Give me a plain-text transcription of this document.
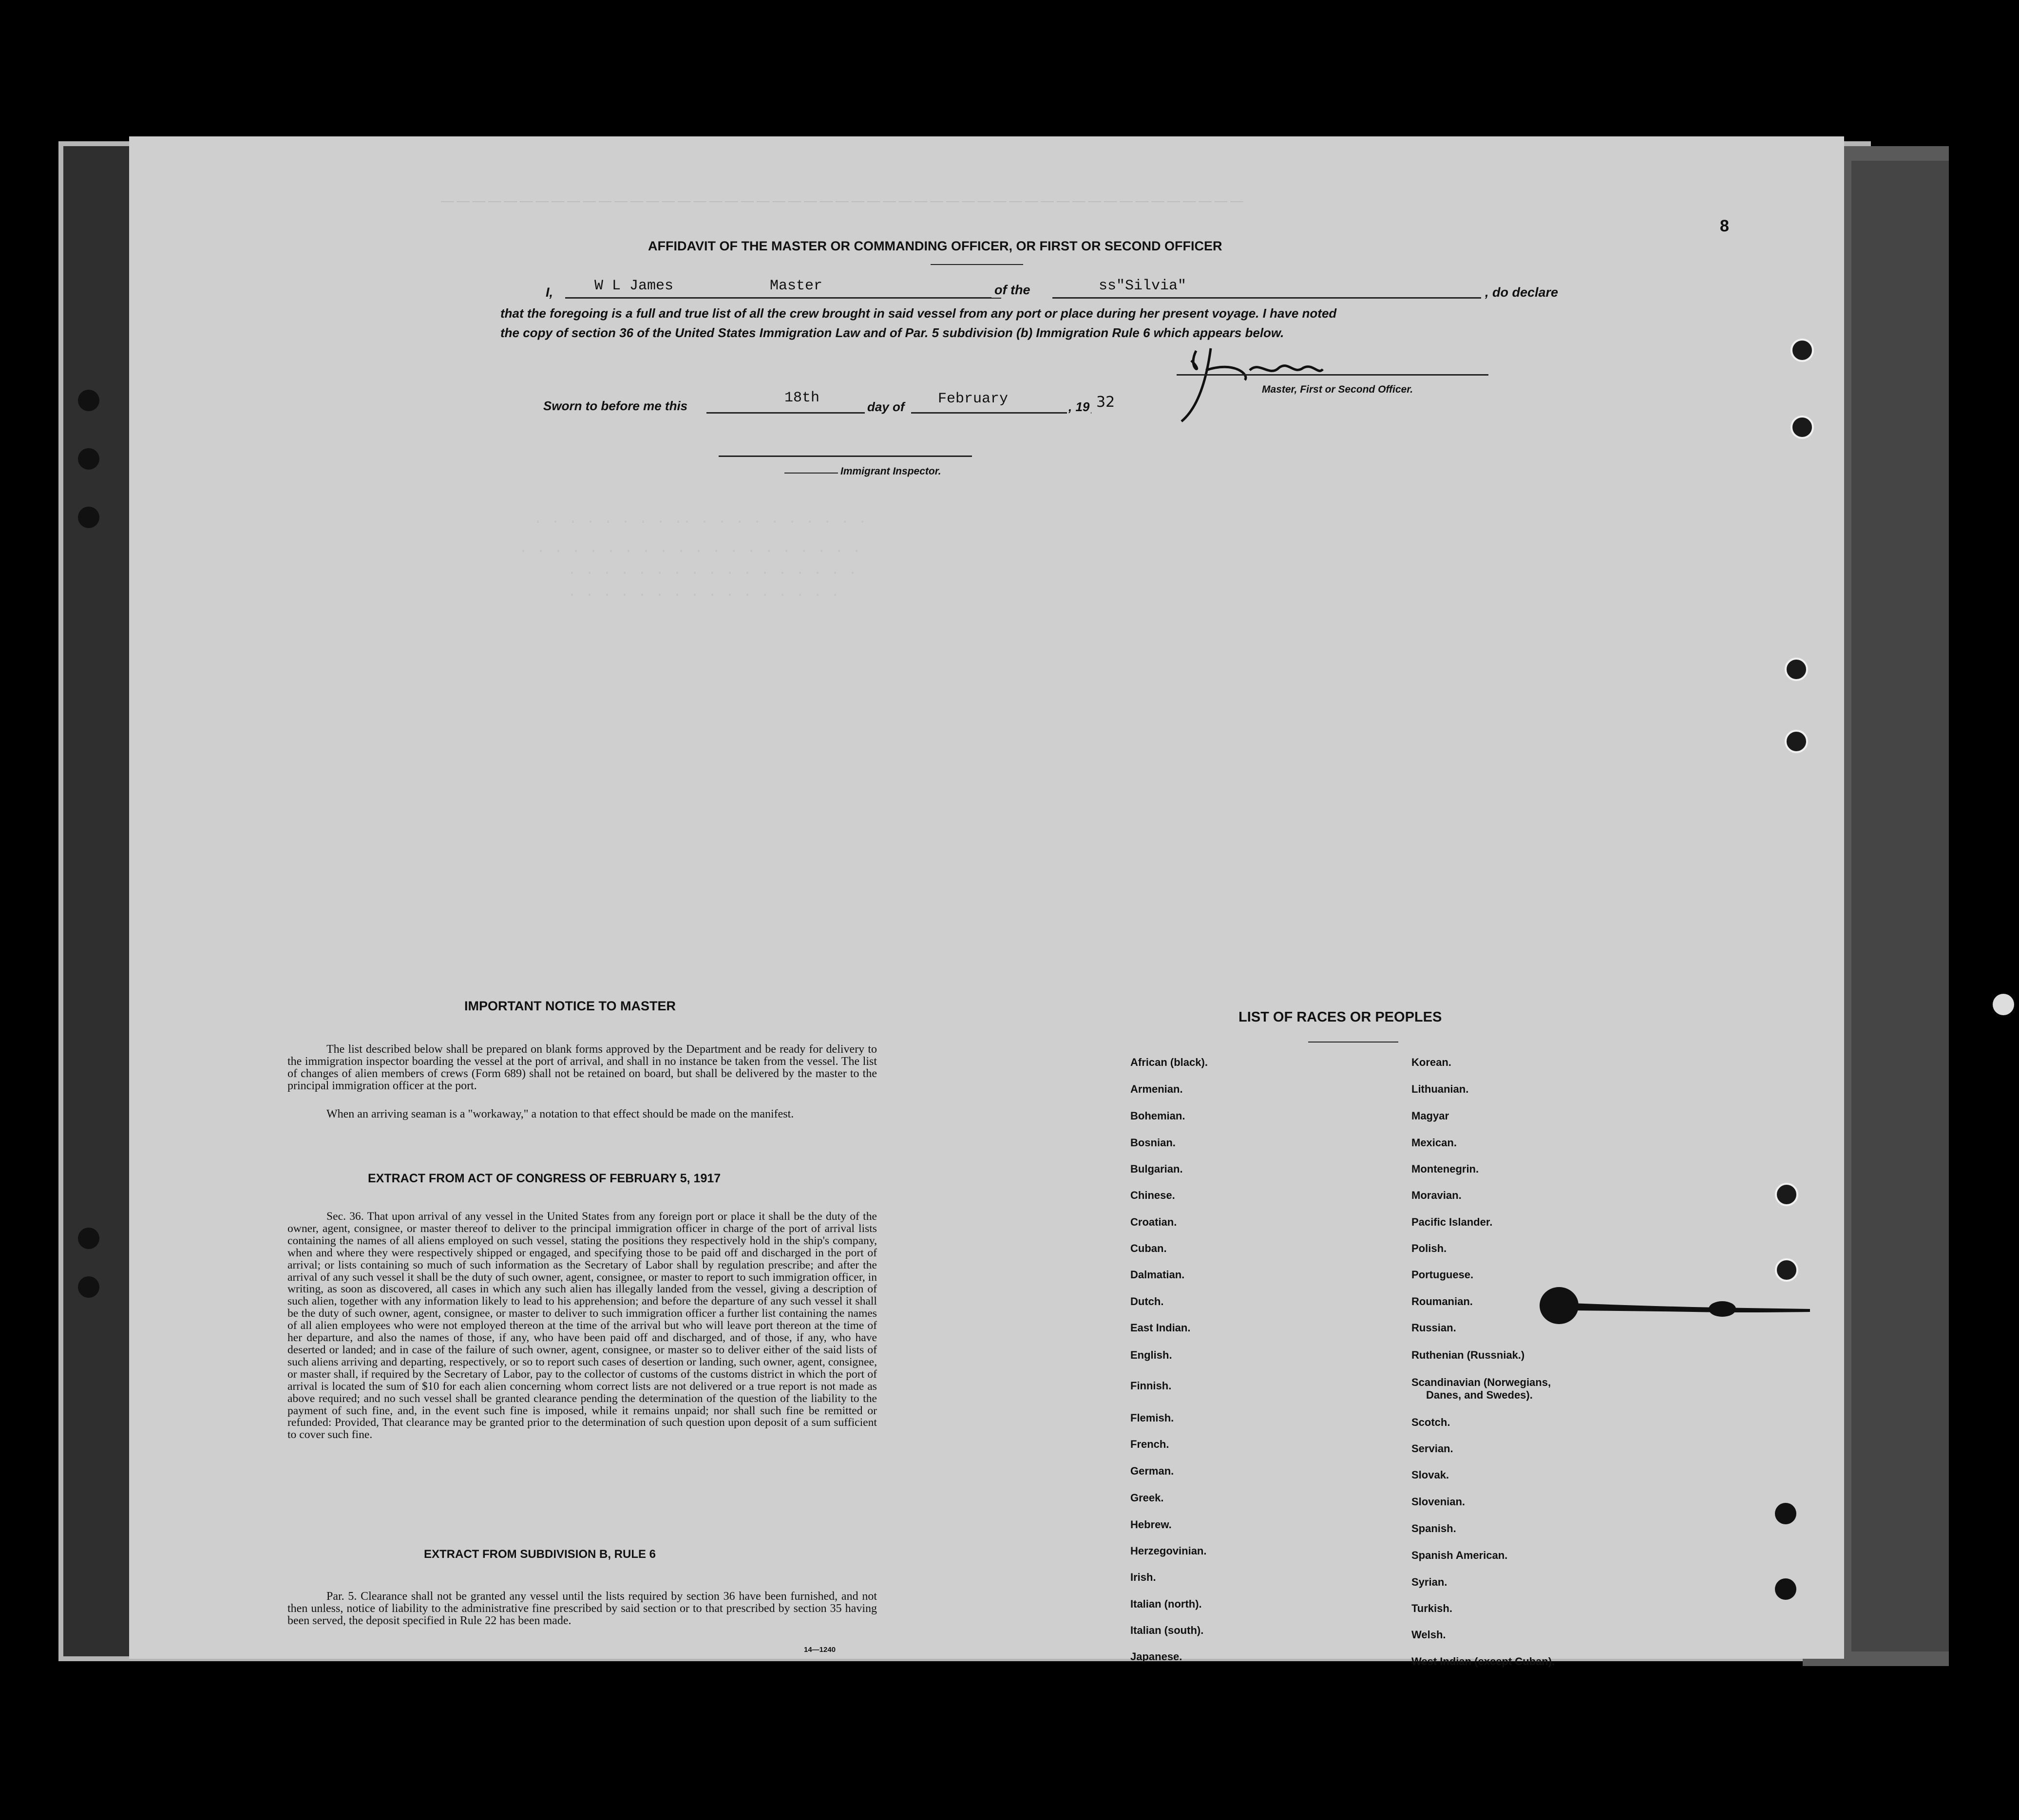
‾‾‾‾‾‾‾‾‾‾‾‾‾‾‾‾‾‾‾‾‾‾‾‾‾‾‾‾‾‾‾‾‾‾‾‾‾‾‾‾‾‾‾‾‾‾‾‾‾‾‾
8
AFFIDAVIT OF THE MASTER OR COMMANDING OFFICER, OR FIRST OR SECOND OFFICER
I,	W L James	Master	of the	ss"Silvia"	, do declare
that the foregoing is a full and true list of all the crew brought in said vessel from any port or place during her present voyage. I have noted
the copy of section 36 of the United States Immigration Law and of Par. 5 subdivision (b) Immigration Rule 6 which appears below.
Master, First or Second Officer.
Sworn to before me this	18th
day of February	, 19 32
Immigrant Inspector.
· · · · · · · · ·· · · · · · · · · · ·
· · · · · · · · · · · · · · · · · · · ·
· · · · · · · · · · · · · · · · ·
· · · · · · · · · · · · · · · ·
IMPORTANT NOTICE TO MASTER
The list described below shall be prepared on blank forms approved by the Department and be ready for delivery to the immigration inspector boarding the vessel at the port of arrival, and shall in no instance be taken from the vessel. The list of changes of alien members of crews (Form 689) shall not be retained on board, but shall be delivered by the master to the principal immigration officer at the port.
When an arriving seaman is a "workaway," a notation to that effect should be made on the manifest.
EXTRACT FROM ACT OF CONGRESS OF FEBRUARY 5, 1917
Sec. 36. That upon arrival of any vessel in the United States from any foreign port or place it shall be the duty of the owner, agent, consignee, or master thereof to deliver to the principal immigration officer in charge of the port of arrival lists containing the names of all aliens employed on such vessel, stating the positions they respectively hold in the ship's company, when and where they were respectively shipped or engaged, and specifying those to be paid off and discharged in the port of arrival; or lists containing so much of such information as the Secretary of Labor shall by regulation prescribe; and after the arrival of any such vessel it shall be the duty of such owner, agent, consignee, or master to report to such immigration officer, in writing, as soon as discovered, all cases in which any such alien has illegally landed from the vessel, giving a description of such alien, together with any information likely to lead to his apprehension; and before the departure of any such vessel it shall be the duty of such owner, agent, consignee, or master to deliver to such immigration officer a further list containing the names of all alien employees who were not employed thereon at the time of the arrival but who will leave port thereon at the time of her departure, and also the names of those, if any, who have been paid off and discharged, and of those, if any, who have deserted or landed; and in case of the failure of such owner, agent, consignee, or master so to deliver either of the said lists of such aliens arriving and departing, respectively, or so to report such cases of desertion or landing, such owner, agent, consignee, or master shall, if required by the Secretary of Labor, pay to the collector of customs of the customs district in which the port of arrival is located the sum of $10 for each alien concerning whom correct lists are not delivered or a true report is not made as above required; and no such vessel shall be granted clearance pending the determination of the question of the liability to the payment of such fine, and, in the event such fine is imposed, while it remains unpaid; nor shall such fine be remitted or refunded: Provided, That clearance may be granted prior to the determination of such question upon deposit of a sum sufficient to cover such fine.
EXTRACT FROM SUBDIVISION B, RULE 6
Par. 5. Clearance shall not be granted any vessel until the lists required by section 36 have been furnished, and not then unless, notice of liability to the administrative fine prescribed by said section or to that prescribed by section 35 having been served, the deposit specified in Rule 22 has been made.
14—1240
LIST OF RACES OR PEOPLES
African (black).
Armenian.
Bohemian.
Bosnian.
Bulgarian.
Chinese.
Croatian.
Cuban.
Dalmatian.
Dutch.
East Indian.
English.
Finnish.
Flemish.
French.
German.
Greek.
Hebrew.
Herzegovinian.
Irish.
Italian (north).
Italian (south).
Japanese.
Korean.
Lithuanian.
Magyar
Mexican.
Montenegrin.
Moravian.
Pacific Islander.
Polish.
Portuguese.
Roumanian.
Russian.
Ruthenian (Russniak.)
Scandinavian (Norwegians,
Danes, and Swedes).
Scotch.
Servian.
Slovak.
Slovenian.
Spanish.
Spanish American.
Syrian.
Turkish.
Welsh.
West Indian (except Cuban).
